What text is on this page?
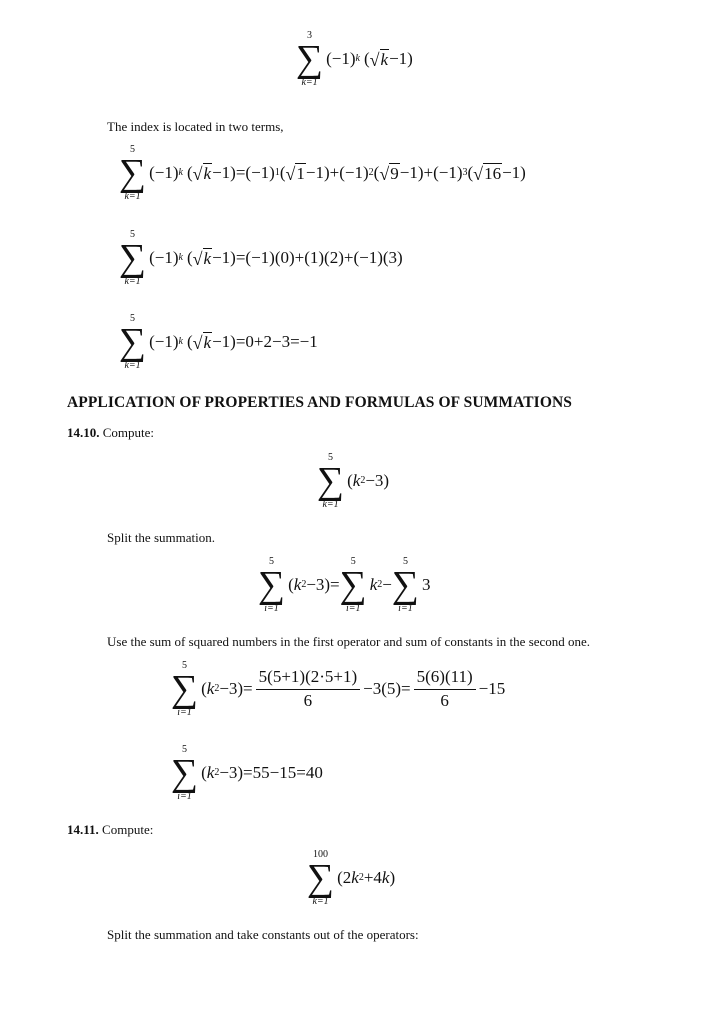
3
∑
k=1
(−1) k ( √ k −1)
The index is located in two terms,
5
∑
k=1
(−1) k ( √ k −1) = (−1) 1 ( √ 1 −1)+ (−1) 2 ( √ 9 −1)+ (−1) 3 ( √ 16 −1)
5
∑
k=1
(−1) k ( √ k −1) =(−1)(0)+(1)(2)+(−1)(3)
5
∑
k=1
(−1) k ( √ k −1) =0+2−3=−1
APPLICATION OF PROPERTIES AND FORMULAS OF SUMMATIONS
14.10. Compute:
5
∑
k=1
( k 2 −3)
Split the summation.
5
∑
i=1
( k 2 −3)=
5
∑
i=1
k 2 −
5
∑
i=1
3
Use the sum of squared numbers in the first operator and sum of constants in the second one.
5
∑
i=1
( k $2 -3)= \frac{5(5+1)(2\cdot 5+1)}{6} -3(5)= \frac{5(6)(11)}{6} -15$
5
∑
i=1
( k 2 −3)=55−15=40
14.11. Compute:
100
∑
k=1
(2 k 2 +4 k )
Split the summation and take constants out of the operators:
